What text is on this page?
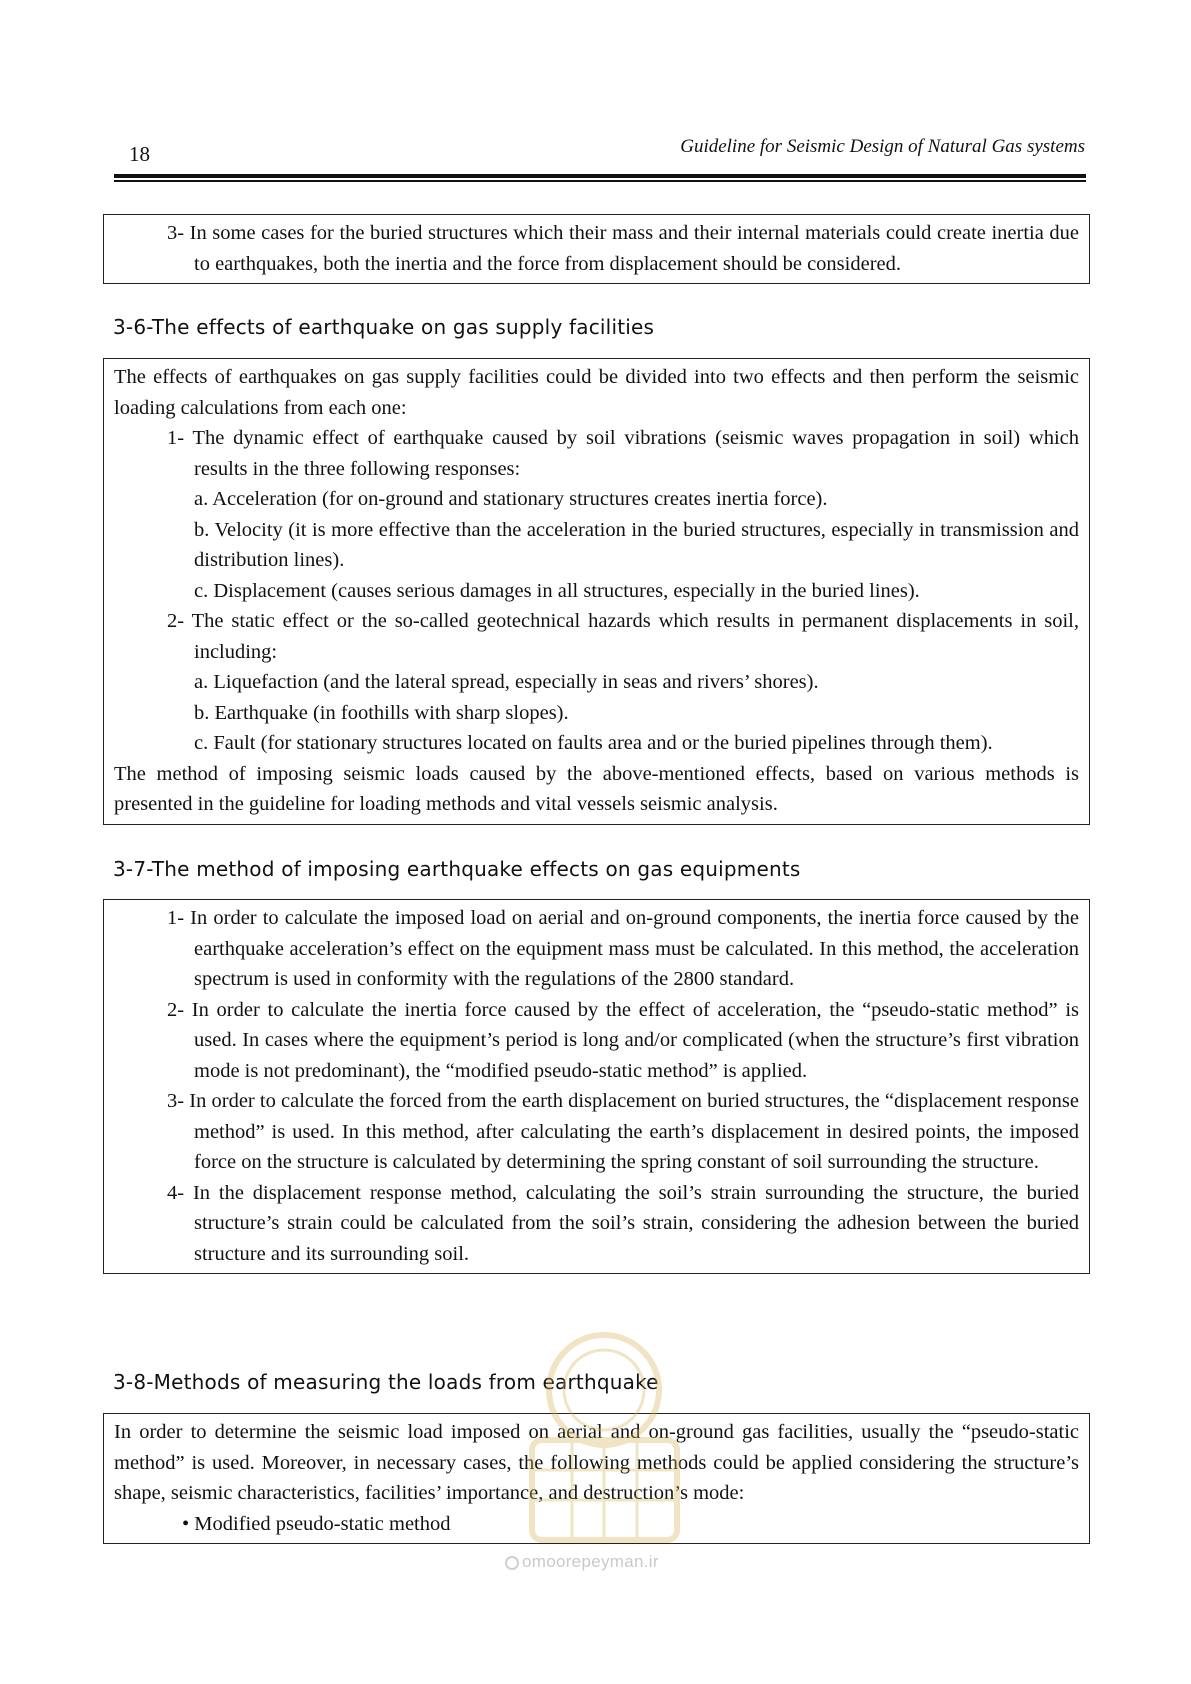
18	Guideline for Seismic Design of Natural Gas systems

3- In some cases for the buried structures which their mass and their internal materials could create inertia due to earthquakes, both the inertia and the force from displacement should be considered.

3-6-The effects of earthquake on gas supply facilities

The effects of earthquakes on gas supply facilities could be divided into two effects and then perform the seismic loading calculations from each one:

1- The dynamic effect of earthquake caused by soil vibrations (seismic waves propagation in soil) which results in the three following responses:

a. Acceleration (for on-ground and stationary structures creates inertia force).

b. Velocity (it is more effective than the acceleration in the buried structures, especially in transmission and distribution lines).

c. Displacement (causes serious damages in all structures, especially in the buried lines).

2- The static effect or the so-called geotechnical hazards which results in permanent displacements in soil, including:

a. Liquefaction (and the lateral spread, especially in seas and rivers’ shores).

b. Earthquake (in foothills with sharp slopes).

c. Fault (for stationary structures located on faults area and or the buried pipelines through them).

The method of imposing seismic loads caused by the above-mentioned effects, based on various methods is presented in the guideline for loading methods and vital vessels seismic analysis.

3-7-The method of imposing earthquake effects on gas equipments

1- In order to calculate the imposed load on aerial and on-ground components, the inertia force caused by the earthquake acceleration’s effect on the equipment mass must be calculated. In this method, the acceleration spectrum is used in conformity with the regulations of the 2800 standard.

2- In order to calculate the inertia force caused by the effect of acceleration, the “pseudo-static method” is used. In cases where the equipment’s period is long and/or complicated (when the structure’s first vibration mode is not predominant), the “modified pseudo-static method” is applied.

3- In order to calculate the forced from the earth displacement on buried structures, the “displacement response method” is used. In this method, after calculating the earth’s displacement in desired points, the imposed force on the structure is calculated by determining the spring constant of soil surrounding the structure.

4- In the displacement response method, calculating the soil’s strain surrounding the structure, the buried structure’s strain could be calculated from the soil’s strain, considering the adhesion between the buried structure and its surrounding soil.

3-8-Methods of measuring the loads from earthquake

In order to determine the seismic load imposed on aerial and on-ground gas facilities, usually the “pseudo-static method” is used. Moreover, in necessary cases, the following methods could be applied considering the structure’s shape, seismic characteristics, facilities’ importance, and destruction’s mode:

• Modified pseudo-static method

omoorepeyman.ir
